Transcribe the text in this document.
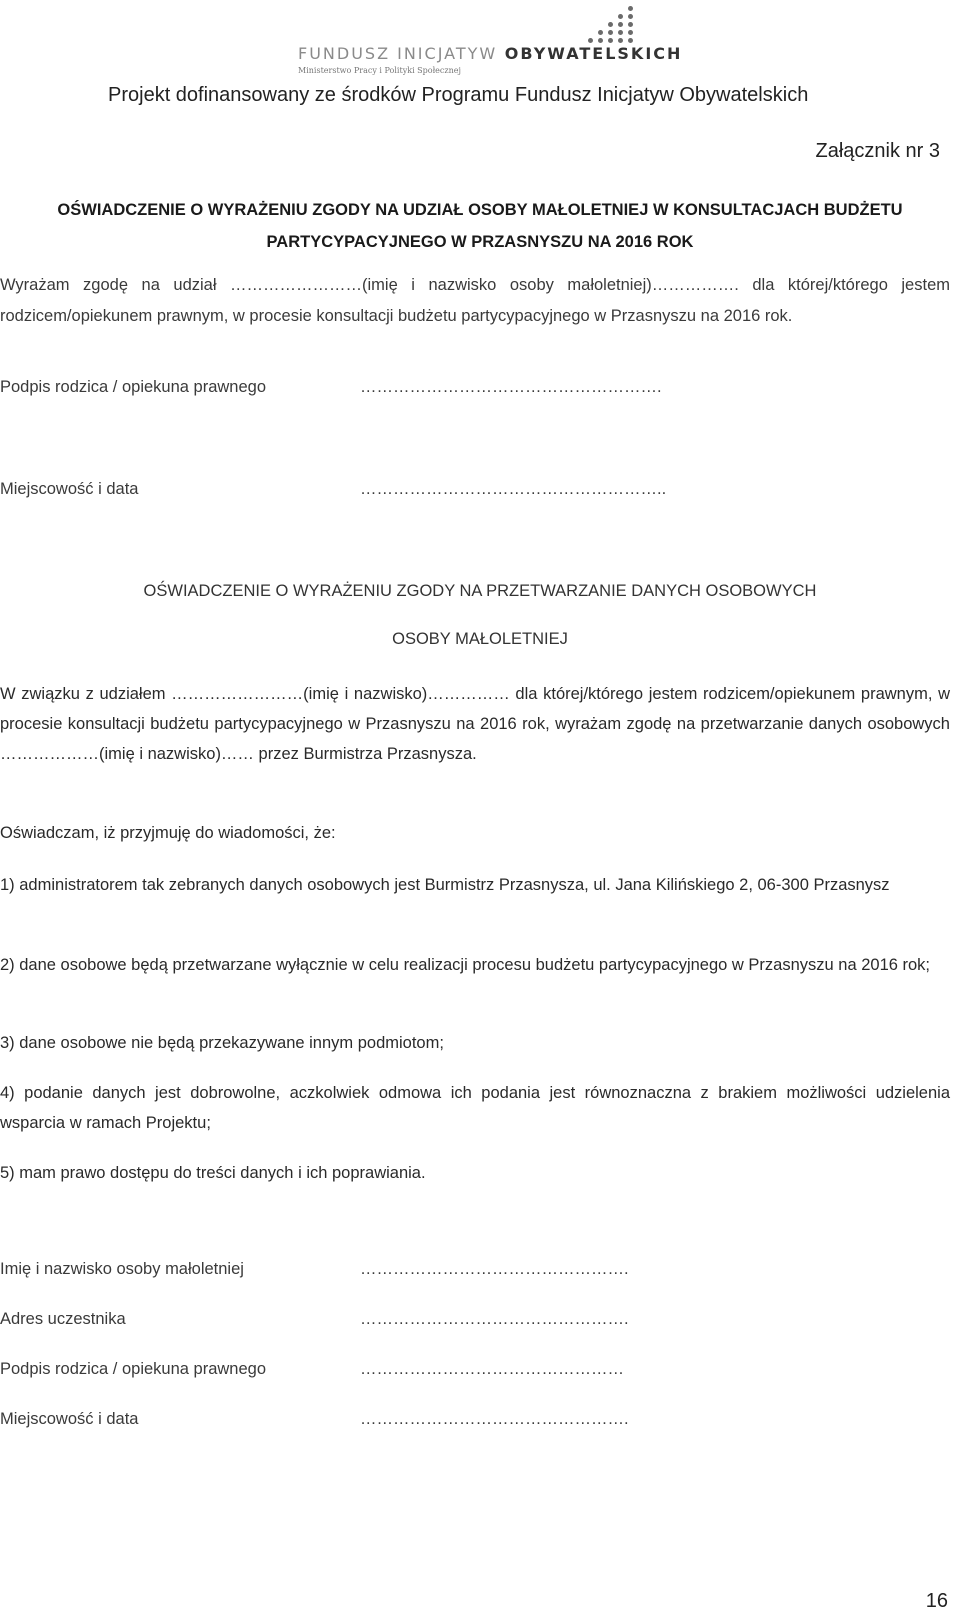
FUNDUSZ INICJATYW OBYWATELSKICH
Ministerstwo Pracy i Polityki Społecznej
Projekt dofinansowany ze środków Programu Fundusz Inicjatyw Obywatelskich
Załącznik nr 3
OŚWIADCZENIE O WYRAŻENIU ZGODY NA UDZIAŁ OSOBY MAŁOLETNIEJ W KONSULTACJACH BUDŻETU
PARTYCYPACYJNEGO W PRZASNYSZU NA 2016 ROK
Wyrażam zgodę na udział ……………………(imię i nazwisko osoby małoletniej)……………. dla której/którego jestem rodzicem/opiekunem prawnym, w procesie konsultacji budżetu partycypacyjnego w Przasnyszu na 2016 rok.
Podpis rodzica / opiekuna prawnego	……………………………………………….
Miejscowość i data	………………………………………………..
OŚWIADCZENIE O WYRAŻENIU ZGODY NA PRZETWARZANIE DANYCH OSOBOWYCH
OSOBY MAŁOLETNIEJ
W związku z udziałem ……………………(imię i nazwisko)…………… dla której/którego jestem rodzicem/opiekunem prawnym, w procesie konsultacji budżetu partycypacyjnego w Przasnyszu na 2016 rok, wyrażam zgodę na przetwarzanie danych osobowych ………………(imię i nazwisko)…… przez Burmistrza Przasnysza.
Oświadczam, iż przyjmuję do wiadomości, że:
1) administratorem tak zebranych danych osobowych jest Burmistrz Przasnysza, ul. Jana Kilińskiego 2, 06-300 Przasnysz
2) dane osobowe będą przetwarzane wyłącznie w celu realizacji procesu budżetu partycypacyjnego w Przasnyszu na 2016 rok;
3) dane osobowe nie będą przekazywane innym podmiotom;
4) podanie danych jest dobrowolne, aczkolwiek odmowa ich podania jest równoznaczna z brakiem możliwości udzielenia wsparcia w ramach Projektu;
5) mam prawo dostępu do treści danych i ich poprawiania.
Imię i nazwisko osoby małoletniej	………………………………………….
Adres uczestnika	………………………………………….
Podpis rodzica / opiekuna prawnego	…………………………………………
Miejscowość i data	………………………………………….
16
